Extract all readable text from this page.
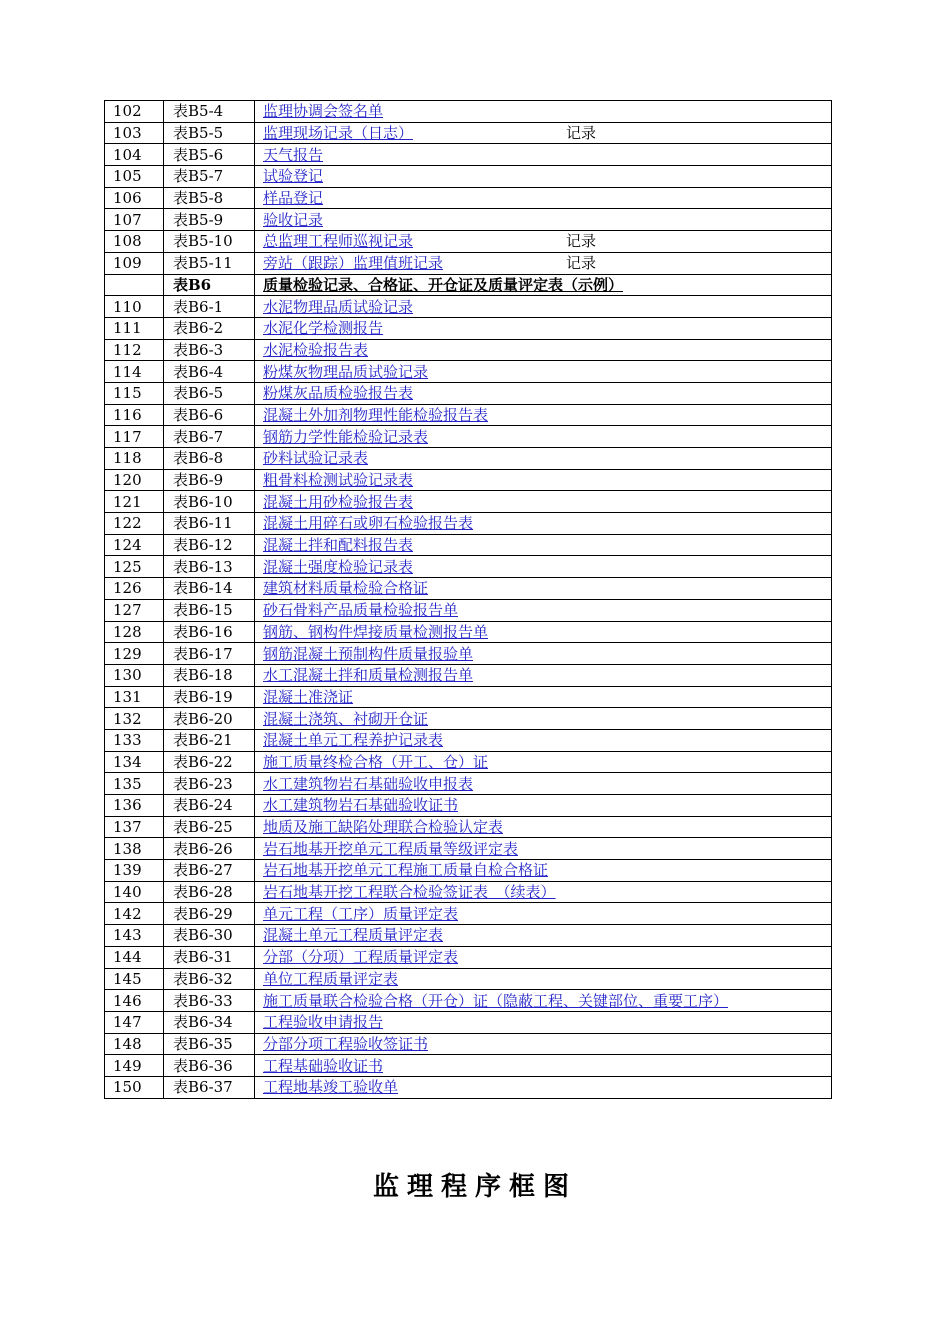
102	表B5-4	监理协调会签名单
103	表B5-5	监理现场记录（日志） 记录

104	表B5-6	天气报告
105	表B5-7	试验登记
106	表B5-8	样品登记
107	表B5-9	验收记录
108	表B5-10	总监理工程师巡视记录 记录

109	表B5-11	旁站（跟踪）监理值班记录 记录

	表B6	质量检验记录、合格证、开仓证及质量评定表（示例）
110	表B6-1	水泥物理品质试验记录
111	表B6-2	水泥化学检测报告
112	表B6-3	水泥检验报告表
114	表B6-4	粉煤灰物理品质试验记录
115	表B6-5	粉煤灰品质检验报告表
116	表B6-6	混凝土外加剂物理性能检验报告表
117	表B6-7	钢筋力学性能检验记录表
118	表B6-8	砂料试验记录表
120	表B6-9	粗骨料检测试验记录表
121	表B6-10	混凝土用砂检验报告表
122	表B6-11	混凝土用碎石或卵石检验报告表
124	表B6-12	混凝土拌和配料报告表
125	表B6-13	混凝土强度检验记录表
126	表B6-14	建筑材料质量检验合格证
127	表B6-15	砂石骨料产品质量检验报告单
128	表B6-16	钢筋、钢构件焊接质量检测报告单
129	表B6-17	钢筋混凝土预制构件质量报验单
130	表B6-18	水工混凝土拌和质量检测报告单
131	表B6-19	混凝土准浇证
132	表B6-20	混凝土浇筑、衬砌开仓证
133	表B6-21	混凝土单元工程养护记录表
134	表B6-22	施工质量终检合格（开工、仓）证
135	表B6-23	水工建筑物岩石基础验收申报表
136	表B6-24	水工建筑物岩石基础验收证书
137	表B6-25	地质及施工缺陷处理联合检验认定表
138	表B6-26	岩石地基开挖单元工程质量等级评定表
139	表B6-27	岩石地基开挖单元工程施工质量自检合格证
140	表B6-28	岩石地基开挖工程联合检验签证表　（续表）
142	表B6-29	单元工程（工序）质量评定表
143	表B6-30	混凝土单元工程质量评定表
144	表B6-31	分部（分项）工程质量评定表
145	表B6-32	单位工程质量评定表
146	表B6-33	施工质量联合检验合格（开仓）证（隐蔽工程、关键部位、重要工序）
147	表B6-34	工程验收申请报告
148	表B6-35	分部分项工程验收签证书
149	表B6-36	工程基础验收证书
150	表B6-37	工程地基竣工验收单
监理程序框图
